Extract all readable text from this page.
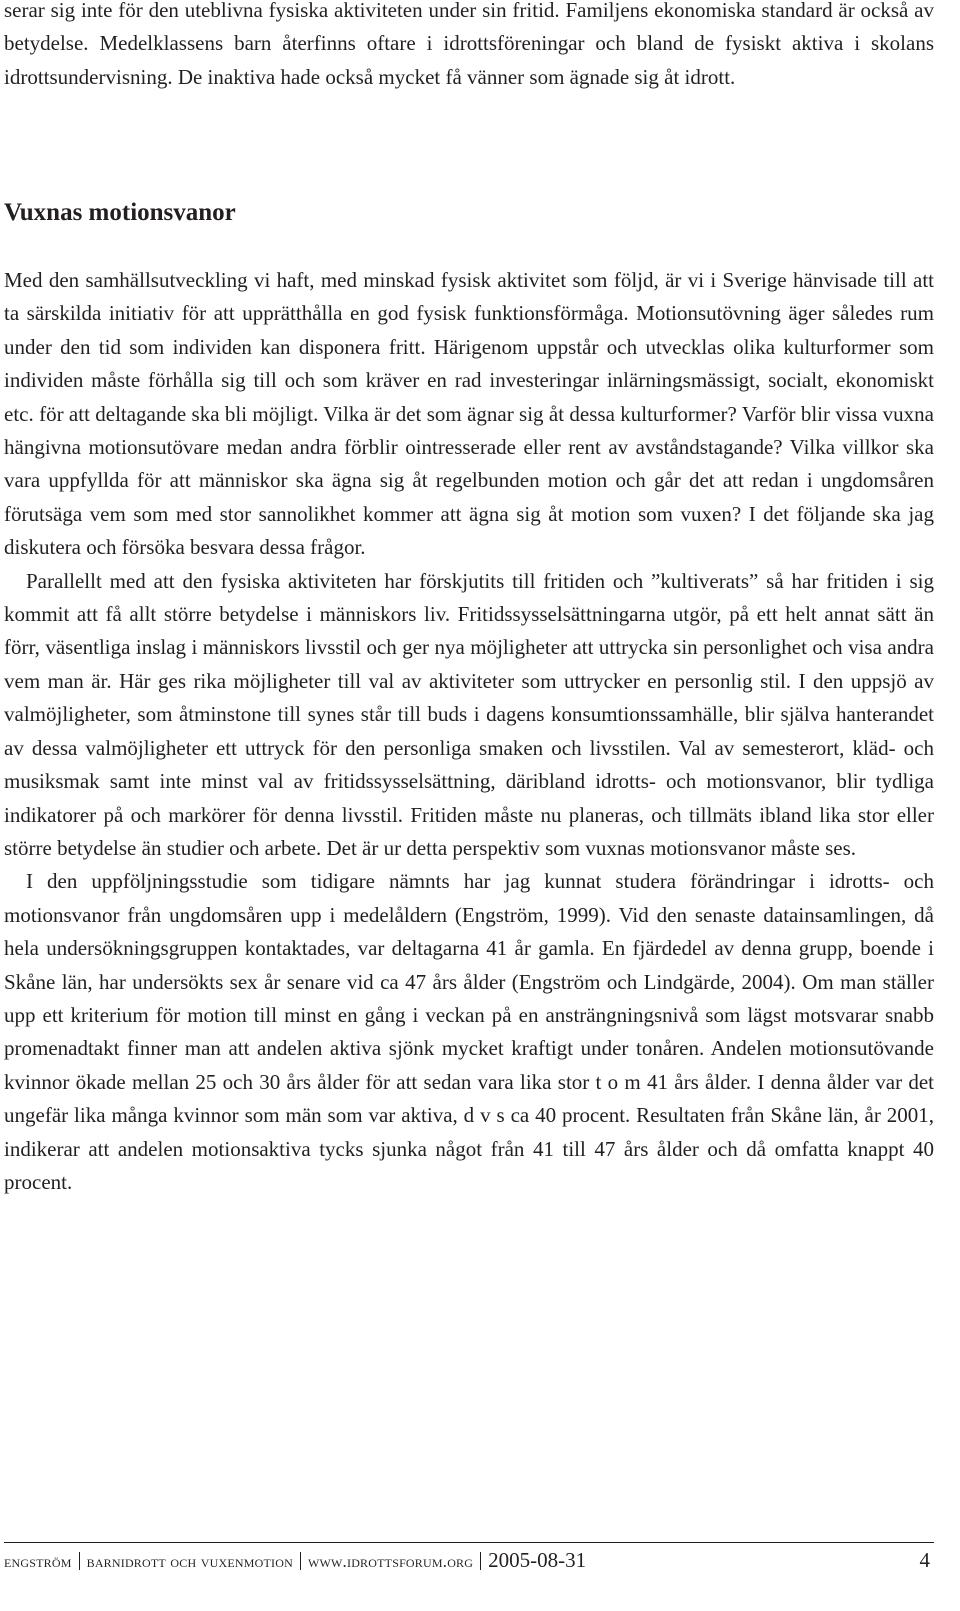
serar sig inte för den uteblivna fysiska aktiviteten under sin fritid. Familjens ekonomiska standard är också av betydelse. Medelklassens barn återfinns oftare i idrottsföreningar och bland de fysiskt aktiva i skolans idrottsundervisning. De inaktiva hade också mycket få vänner som ägnade sig åt idrott.

Vuxnas motionsvanor

Med den samhällsutveckling vi haft, med minskad fysisk aktivitet som följd, är vi i Sverige hänvisade till att ta särskilda initiativ för att upprätthålla en god fysisk funktionsförmåga. Motionsutövning äger således rum under den tid som individen kan disponera fritt. Härigenom uppstår och utvecklas olika kulturformer som individen måste förhålla sig till och som kräver en rad investeringar inlärningsmässigt, socialt, ekonomiskt etc. för att deltagande ska bli möjligt. Vilka är det som ägnar sig åt dessa kulturformer? Varför blir vissa vuxna hängivna motionsutövare medan andra förblir ointresserade eller rent av avståndstagande? Vilka villkor ska vara uppfyllda för att människor ska ägna sig åt regelbunden motion och går det att redan i ungdomsåren förutsäga vem som med stor sannolikhet kommer att ägna sig åt motion som vuxen? I det följande ska jag diskutera och försöka besvara dessa frågor.

Parallellt med att den fysiska aktiviteten har förskjutits till fritiden och ”kultiverats” så har fritiden i sig kommit att få allt större betydelse i människors liv. Fritidssysselsättningarna utgör, på ett helt annat sätt än förr, väsentliga inslag i människors livsstil och ger nya möjligheter att uttrycka sin personlighet och visa andra vem man är. Här ges rika möjligheter till val av aktiviteter som uttrycker en personlig stil. I den uppsjö av valmöjligheter, som åtminstone till synes står till buds i dagens konsumtionssamhälle, blir själva hanterandet av dessa valmöjligheter ett uttryck för den personliga smaken och livsstilen. Val av semesterort, kläd- och musiksmak samt inte minst val av fritidssysselsättning, däribland idrotts- och motionsvanor, blir tydliga indikatorer på och markörer för denna livsstil. Fritiden måste nu planeras, och tillmäts ibland lika stor eller större betydelse än studier och arbete. Det är ur detta perspektiv som vuxnas motionsvanor måste ses.

I den uppföljningsstudie som tidigare nämnts har jag kunnat studera förändringar i idrotts- och motionsvanor från ungdomsåren upp i medelåldern (Engström, 1999). Vid den senaste datainsamlingen, då hela undersökningsgruppen kontaktades, var deltagarna 41 år gamla. En fjärdedel av denna grupp, boende i Skåne län, har undersökts sex år senare vid ca 47 års ålder (Engström och Lindgärde, 2004). Om man ställer upp ett kriterium för motion till minst en gång i veckan på en ansträngningsnivå som lägst motsvarar snabb promenadtakt finner man att andelen aktiva sjönk mycket kraftigt under tonåren. Andelen motionsutövande kvinnor ökade mellan 25 och 30 års ålder för att sedan vara lika stor t o m 41 års ålder. I denna ålder var det ungefär lika många kvinnor som män som var aktiva, d v s ca 40 procent. Resultaten från Skåne län, år 2001, indikerar att andelen motionsaktiva tycks sjunka något från 41 till 47 års ålder och då omfatta knappt 40 procent.

engström barnidrott och vuxenmotion www.idrottsforum.org 2005-08-31	4
